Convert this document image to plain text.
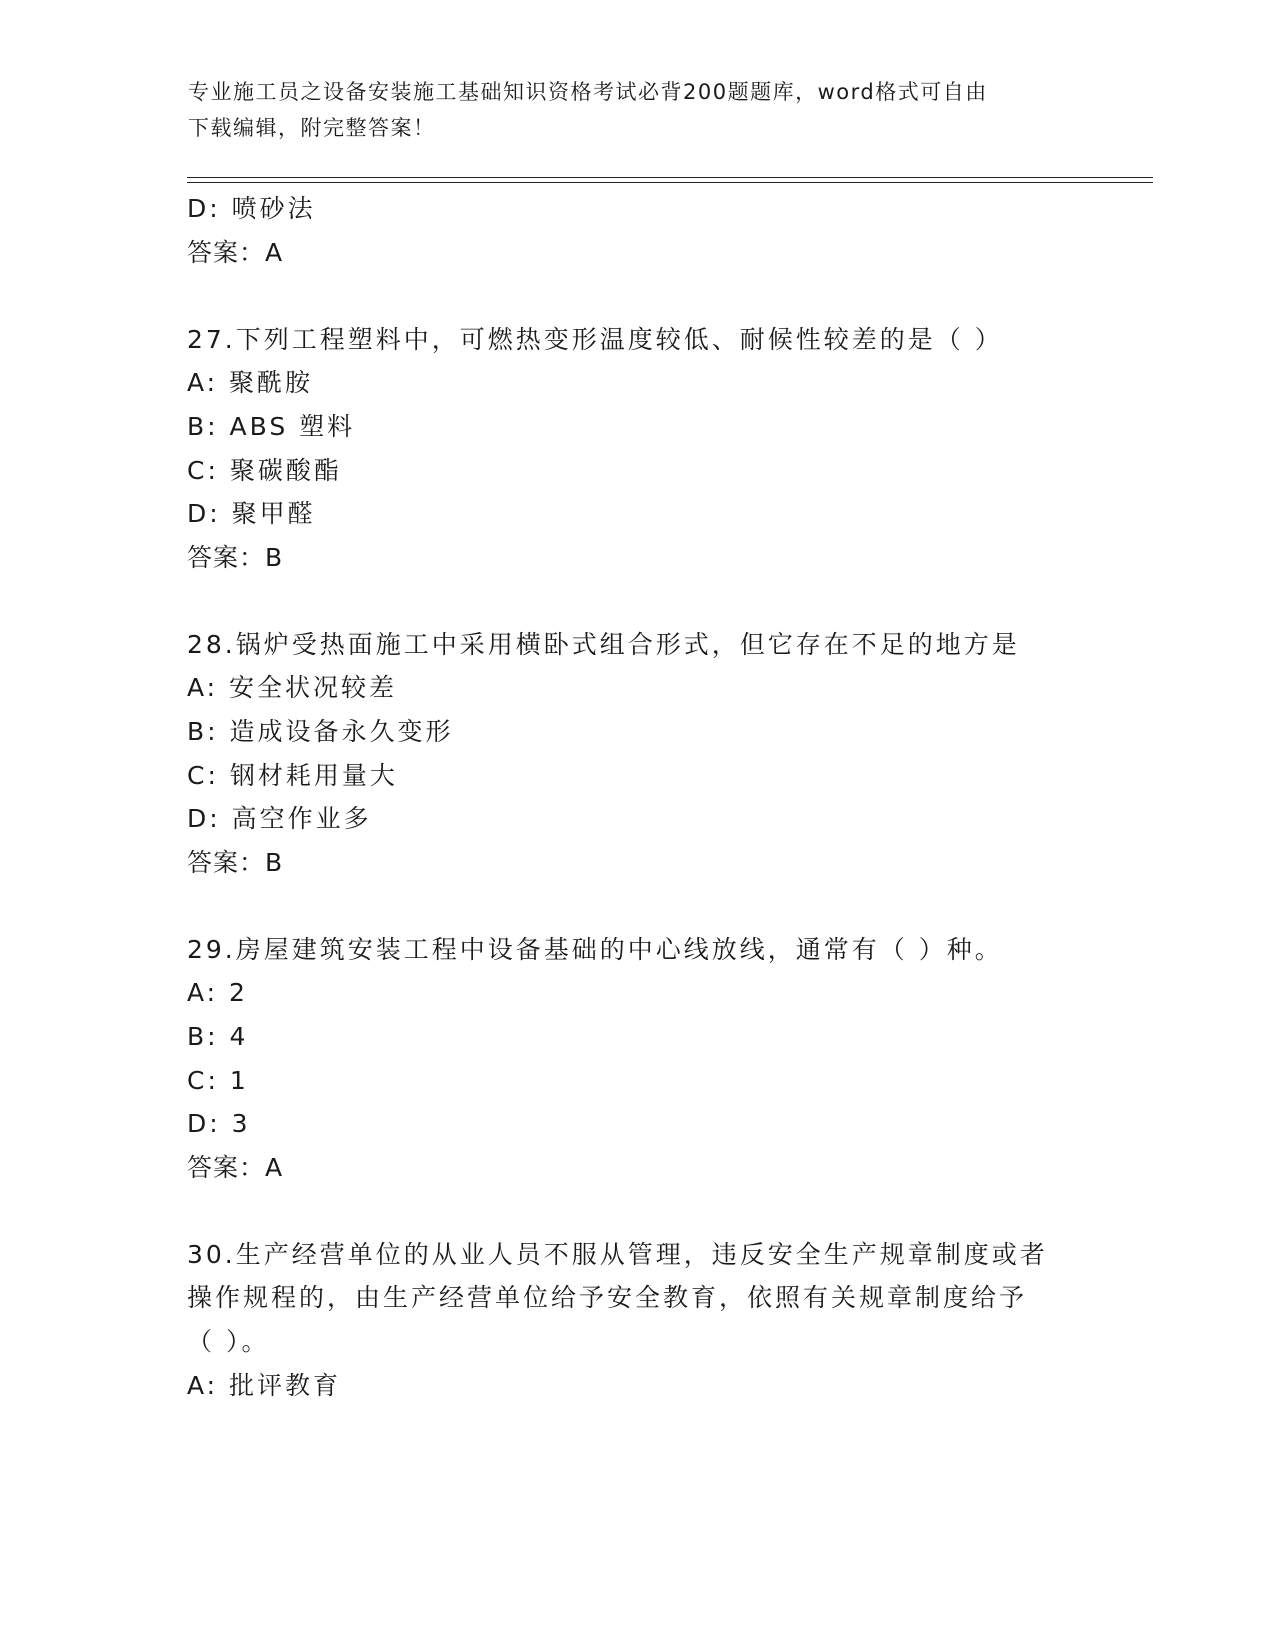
专业施工员之设备安装施工基础知识资格考试必背200题题库，word格式可自由
下载编辑，附完整答案！
D: 喷砂法
答案：A
27.下列工程塑料中，可燃热变形温度较低、耐候性较差的是（ ）
A: 聚酰胺
B: ABS 塑料
C: 聚碳酸酯
D: 聚甲醛
答案：B
28.锅炉受热面施工中采用横卧式组合形式，但它存在不足的地方是
A: 安全状况较差
B: 造成设备永久变形
C: 钢材耗用量大
D: 高空作业多
答案：B
29.房屋建筑安装工程中设备基础的中心线放线，通常有（ ）种。
A: 2
B: 4
C: 1
D: 3
答案：A
30.生产经营单位的从业人员不服从管理，违反安全生产规章制度或者
操作规程的，由生产经营单位给予安全教育，依照有关规章制度给予
（ ）。
A: 批评教育
